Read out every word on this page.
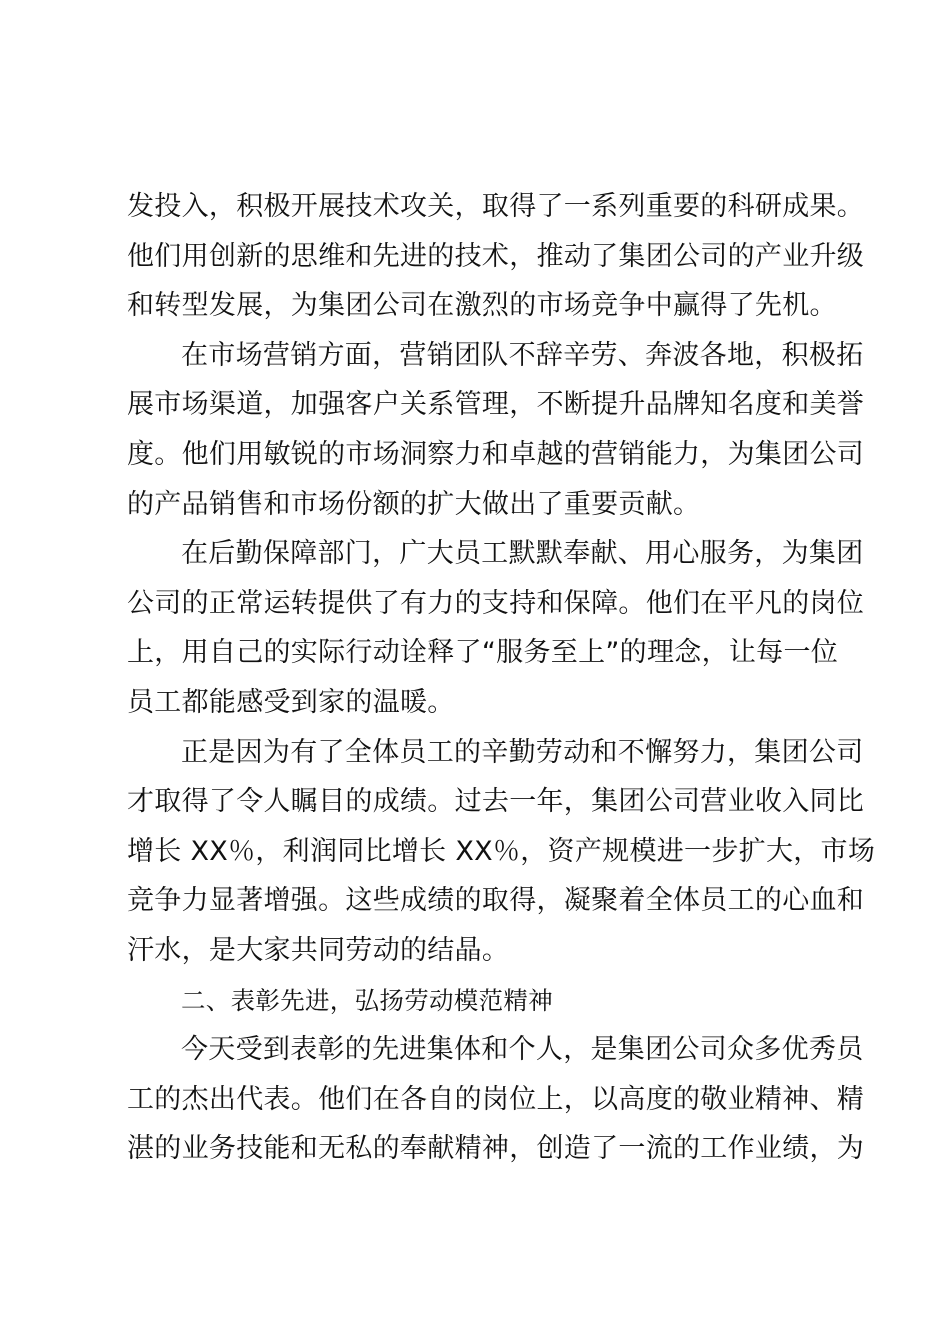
发投入，积极开展技术攻关，取得了一系列重要的科研成果。
他们用创新的思维和先进的技术，推动了集团公司的产业升级
和转型发展，为集团公司在激烈的市场竞争中赢得了先机。
在市场营销方面，营销团队不辞辛劳、奔波各地，积极拓
展市场渠道，加强客户关系管理，不断提升品牌知名度和美誉
度。他们用敏锐的市场洞察力和卓越的营销能力，为集团公司
的产品销售和市场份额的扩大做出了重要贡献。
在后勤保障部门，广大员工默默奉献、用心服务，为集团
公司的正常运转提供了有力的支持和保障。他们在平凡的岗位
上，用自己的实际行动诠释了“服务至上”的理念，让每一位
员工都能感受到家的温暖。
正是因为有了全体员工的辛勤劳动和不懈努力，集团公司
才取得了令人瞩目的成绩。过去一年，集团公司营业收入同比
增长 XX％，利润同比增长 XX％，资产规模进一步扩大，市场
竞争力显著增强。这些成绩的取得，凝聚着全体员工的心血和
汗水，是大家共同劳动的结晶。
二、表彰先进，弘扬劳动模范精神
今天受到表彰的先进集体和个人，是集团公司众多优秀员
工的杰出代表。他们在各自的岗位上，以高度的敬业精神、精
湛的业务技能和无私的奉献精神，创造了一流的工作业绩，为
